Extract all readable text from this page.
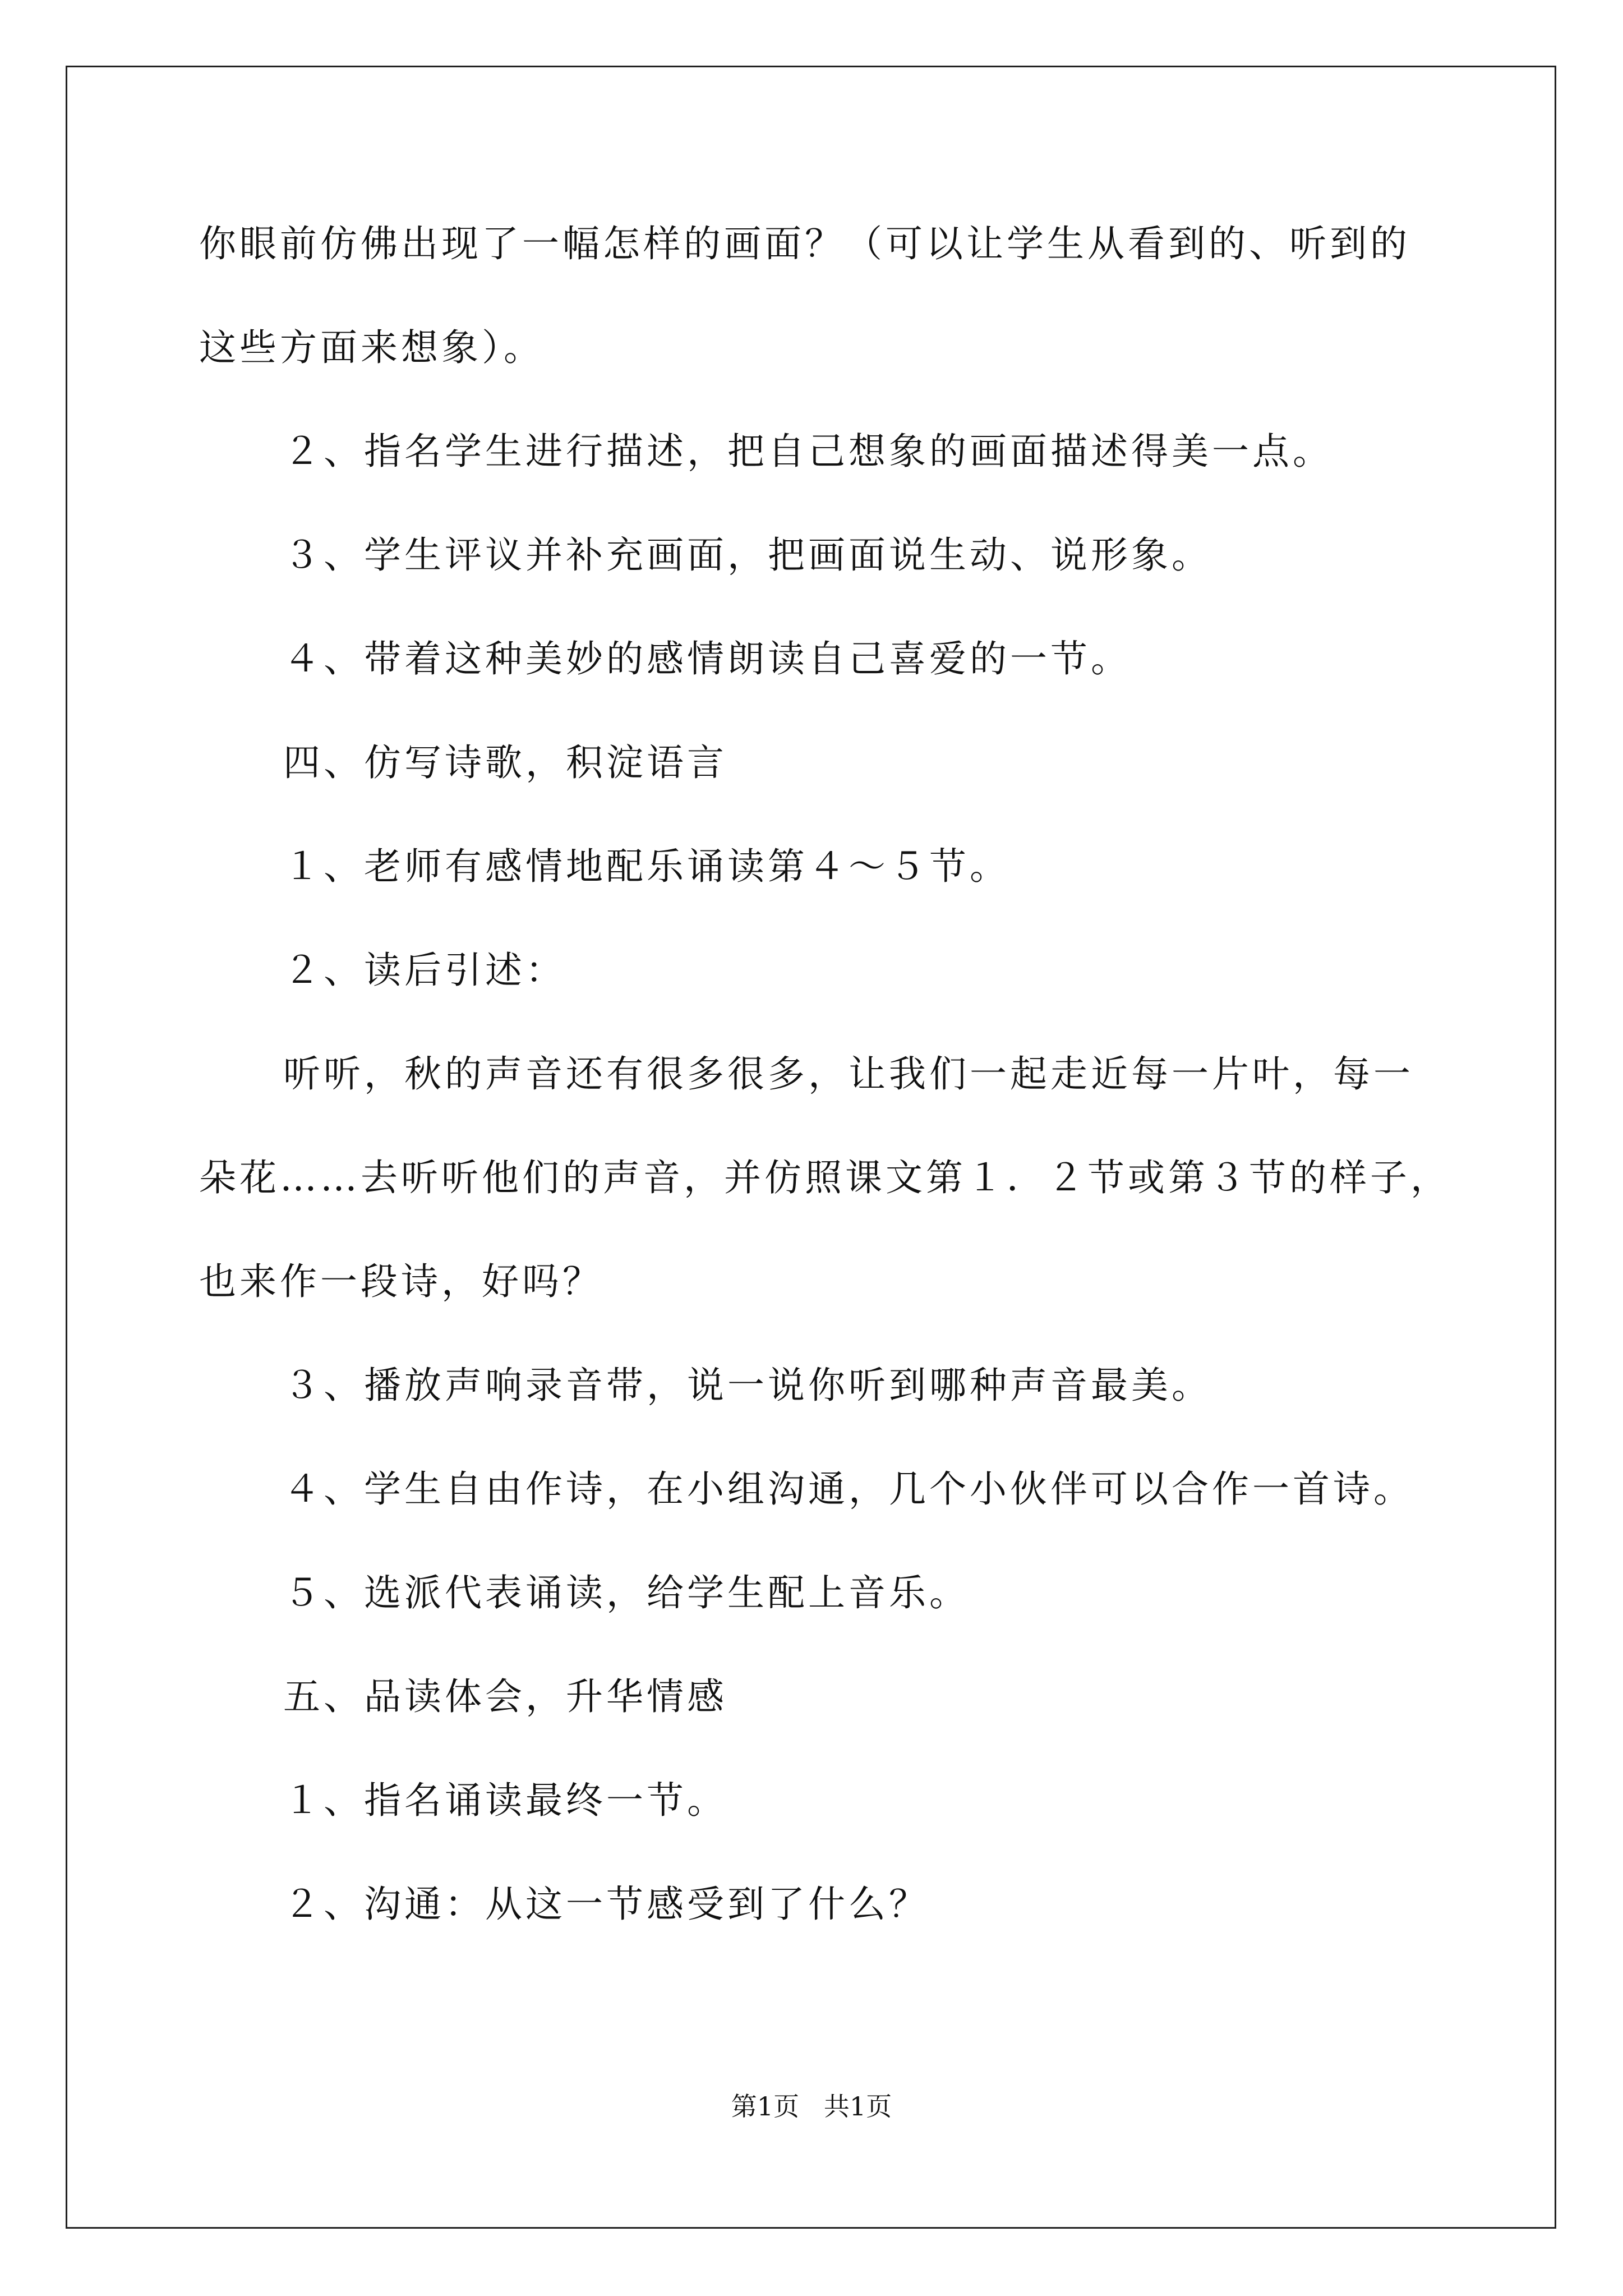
你眼前仿佛出现了一幅怎样的画面？（可以让学生从看到的、听到的
这些方面来想象）。
２、指名学生进行描述，把自己想象的画面描述得美一点。
３、学生评议并补充画面，把画面说生动、说形象。
４、带着这种美妙的感情朗读自己喜爱的一节。
四、仿写诗歌，积淀语言
１、老师有感情地配乐诵读第４～５节。
２、读后引述：
听听，秋的声音还有很多很多，让我们一起走近每一片叶，每一
朵花……去听听他们的声音，并仿照课文第１．２节或第３节的样子，
也来作一段诗，好吗？
３、播放声响录音带，说一说你听到哪种声音最美。
４、学生自由作诗，在小组沟通，几个小伙伴可以合作一首诗。
５、选派代表诵读，给学生配上音乐。
五、品读体会，升华情感
１、指名诵读最终一节。
２、沟通：从这一节感受到了什么？
第1页   共1页
